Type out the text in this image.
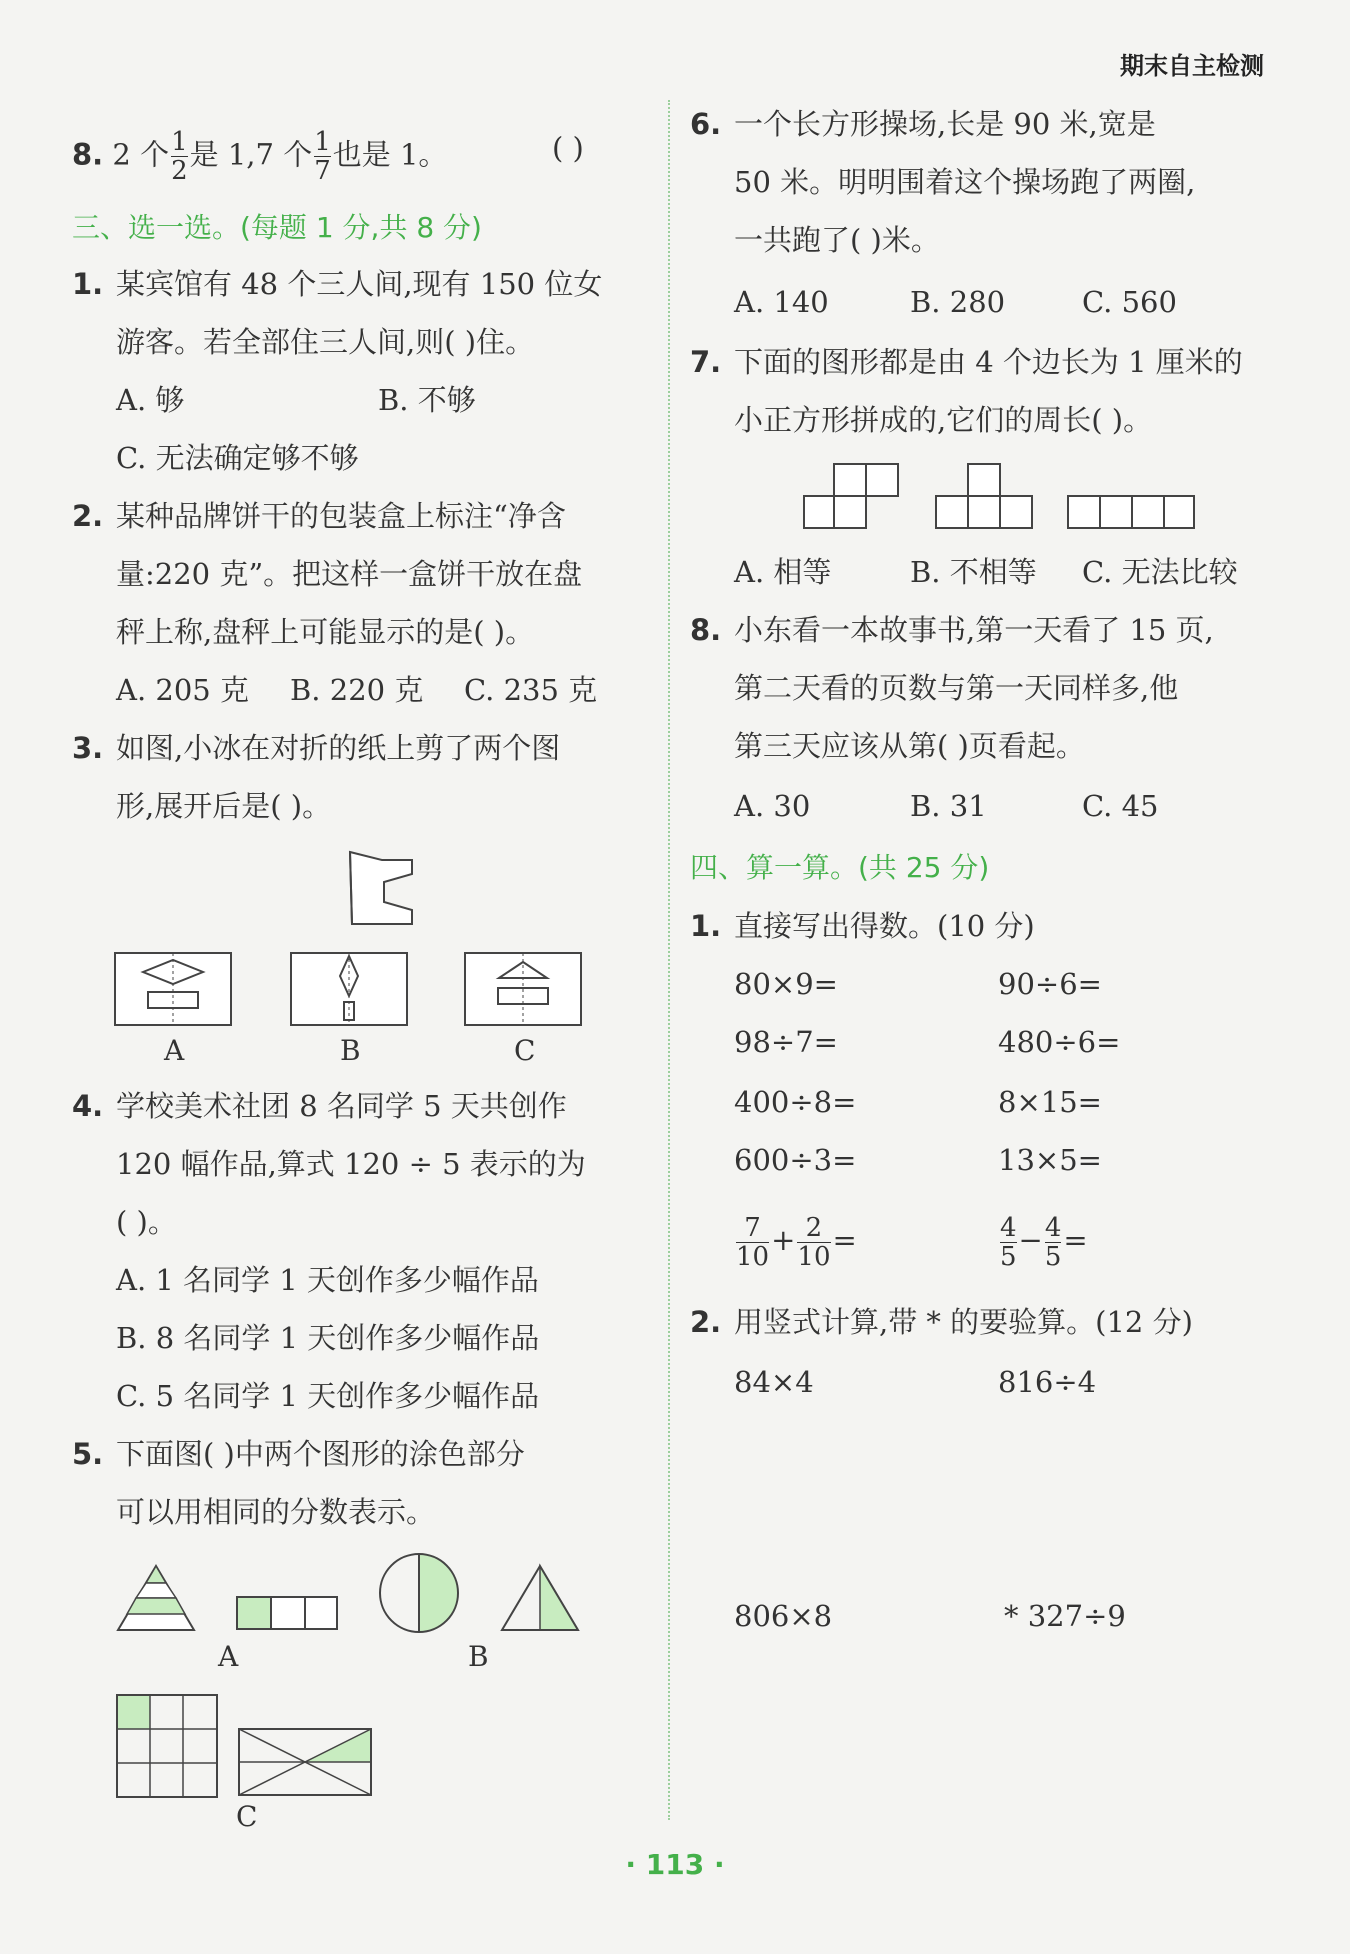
期末自主检测
8. 2 个 $\frac{1}{2}$ 是 1,7 个 $\frac{1}{7}$ 也是 1。	( )
三、选一选。(每题 1 分,共 8 分)
1. 某宾馆有 48 个三人间,现有 150 位女
游客。若全部住三人间,则( )住。
A. 够	B. 不够
C. 无法确定够不够
2. 某种品牌饼干的包装盒上标注“净含
量:220 克”。把这样一盒饼干放在盘
秤上称,盘秤上可能显示的是( )。
A. 205 克 B. 220 克 C. 235 克
3. 如图,小冰在对折的纸上剪了两个图
形,展开后是( )。
A	B	C
4. 学校美术社团 8 名同学 5 天共创作
120 幅作品,算式 120 ÷ 5 表示的为
( )。
A. 1 名同学 1 天创作多少幅作品
B. 8 名同学 1 天创作多少幅作品
C. 5 名同学 1 天创作多少幅作品
5. 下面图( )中两个图形的涂色部分
可以用相同的分数表示。
A	B
C
6. 一个长方形操场,长是 90 米,宽是
50 米。明明围着这个操场跑了两圈,
一共跑了( )米。
A. 140	B. 280	C. 560
7. 下面的图形都是由 4 个边长为 1 厘米的
小正方形拼成的,它们的周长( )。
A. 相等	B. 不相等 C. 无法比较
8. 小东看一本故事书,第一天看了 15 页,
第二天看的页数与第一天同样多,他
第三天应该从第( )页看起。
A. 30	B. 31	C. 45
四、算一算。(共 25 分)
1. 直接写出得数。(10 分)
80×9=	90÷6=
98÷7=	480÷6=
400÷8=	8×15=
600÷3=	13×5=
$\frac{7}{10} + \frac{2}{10}$ =	$\frac{4}{5} - \frac{4}{5}$ =
2. 用竖式计算,带 * 的要验算。(12 分)
84×4	816÷4
806×8	* 327÷9
· 113 ·
